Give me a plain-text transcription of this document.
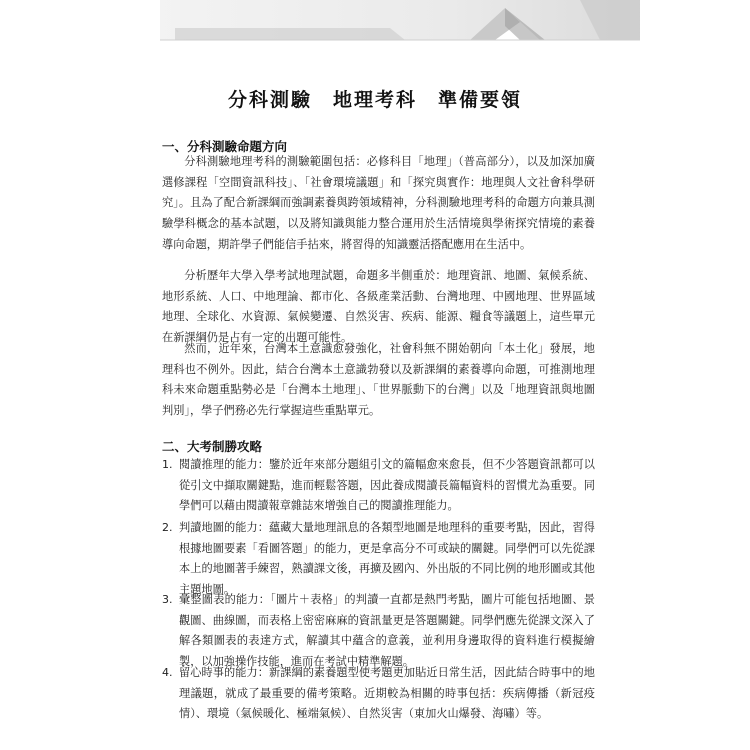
分科測驗　地理考科　準備要領
一、分科測驗命題方向

分科測驗地理考科的測驗範圍包括：必修科目「地理」（普高部分），以及加深加廣選修課程「空間資訊科技」、「社會環境議題」和「探究與實作：地理與人文社會科學研究」。且為了配合新課綱而強調素養與跨領域精神，分科測驗地理考科的命題方向兼具測驗學科概念的基本試題，以及將知識與能力整合運用於生活情境與學術探究情境的素養導向命題，期許學子們能信手拈來，將習得的知識靈活搭配應用在生活中。

分析歷年大學入學考試地理試題，命題多半側重於：地理資訊、地圖、氣候系統、地形系統、人口、中地理論、都市化、各級產業活動、台灣地理、中國地理、世界區域地理、全球化、水資源、氣候變遷、自然災害、疾病、能源、糧食等議題上，這些單元在新課綱仍是占有一定的出題可能性。

然而，近年來，台灣本土意識愈發強化，社會科無不開始朝向「本土化」發展，地理科也不例外。因此，結合台灣本土意識勃發以及新課綱的素養導向命題，可推測地理科未來命題重點勢必是「台灣本土地理」、「世界脈動下的台灣」以及「地理資訊與地圖判別」，學子們務必先行掌握這些重點單元。

二、大考制勝攻略
1. 閱讀推理的能力：鑒於近年來部分題組引文的篇幅愈來愈長，但不少答題資訊都可以從引文中擷取關鍵點，進而輕鬆答題，因此養成閱讀長篇幅資料的習慣尤為重要。同學們可以藉由閱讀報章雜誌來增強自己的閱讀推理能力。
2. 判讀地圖的能力：蘊藏大量地理訊息的各類型地圖是地理科的重要考點，因此，習得根據地圖要素「看圖答題」的能力，更是拿高分不可或缺的關鍵。同學們可以先從課本上的地圖著手練習，熟讀課文後，再擴及國內、外出版的不同比例的地形圖或其他主題地圖。
3. 彙整圖表的能力：「圖片＋表格」的判讀一直都是熱門考點，圖片可能包括地圖、景觀圖、曲線圖，而表格上密密麻麻的資訊量更是答題關鍵。同學們應先從課文深入了解各類圖表的表達方式，解讀其中蘊含的意義，並利用身邊取得的資料進行模擬繪製，以加強操作技能，進而在考試中精準解題。
4. 留心時事的能力：新課綱的素養題型使考題更加貼近日常生活，因此結合時事中的地理議題，就成了最重要的備考策略。近期較為相關的時事包括：疾病傳播（新冠疫情）、環境（氣候暖化、極端氣候）、自然災害（東加火山爆發、海嘯）等。
